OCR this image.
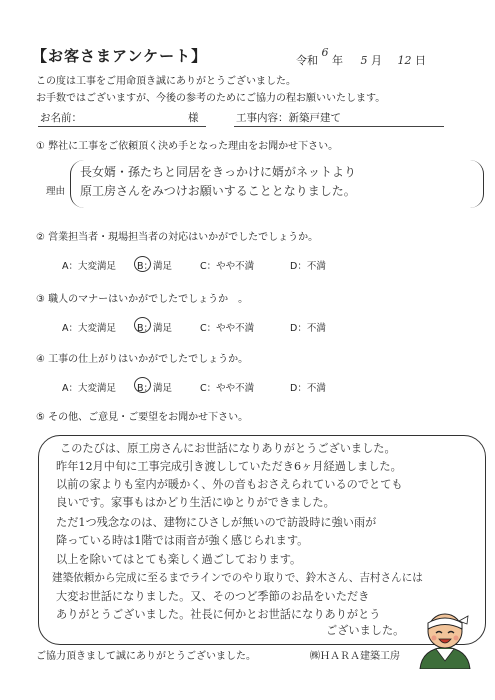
【お客さまアンケート】	令和 6 年 5 月 12 日
この度は工事をご用命頂き誠にありがとうございました。
お手数ではございますが、今後の参考のためにご協力の程お願いいたします。
お名前：	様	工事内容：新築戸建て
① 弊社に工事をご依頼頂く決め手となった理由をお聞かせ下さい。
理由
長女婿・孫たちと同居をきっかけに婿がネットより
原工房さんをみつけお願いすることとなりました。
② 営業担当者・現場担当者の対応はいかがでしたでしょうか。
A：大変満足 B：満足	C：やや不満	D：不満
③ 職人のマナーはいかがでしたでしょうか　。
A：大変満足 B：満足	C：やや不満	D：不満
④ 工事の仕上がりはいかがでしたでしょうか。
A：大変満足 B：満足	C：やや不満	D：不満
⑤ その他、ご意見・ご要望をお聞かせ下さい。
このたびは、原工房さんにお世話になりありがとうございました。
昨年12月中旬に工事完成引き渡ししていただき6ヶ月経過しました。
以前の家よりも室内が暖かく、外の音もおさえられているのでとても
良いです。家事もはかどり生活にゆとりができました。
ただ1つ残念なのは、建物にひさしが無いので訪設時に強い雨が
降っている時は1階では雨音が強く感じられます。
以上を除いてはとても楽しく過ごしております。
建築依頼から完成に至るまでラインでのやり取りで、鈴木さん、吉村さんには
大変お世話になりました。又、そのつど季節のお品をいただき
ありがとうございました。社長に何かとお世話になりありがとう
ございました。
ご協力頂きまして誠にありがとうございました。	㈱ＨＡＲＡ建築工房
